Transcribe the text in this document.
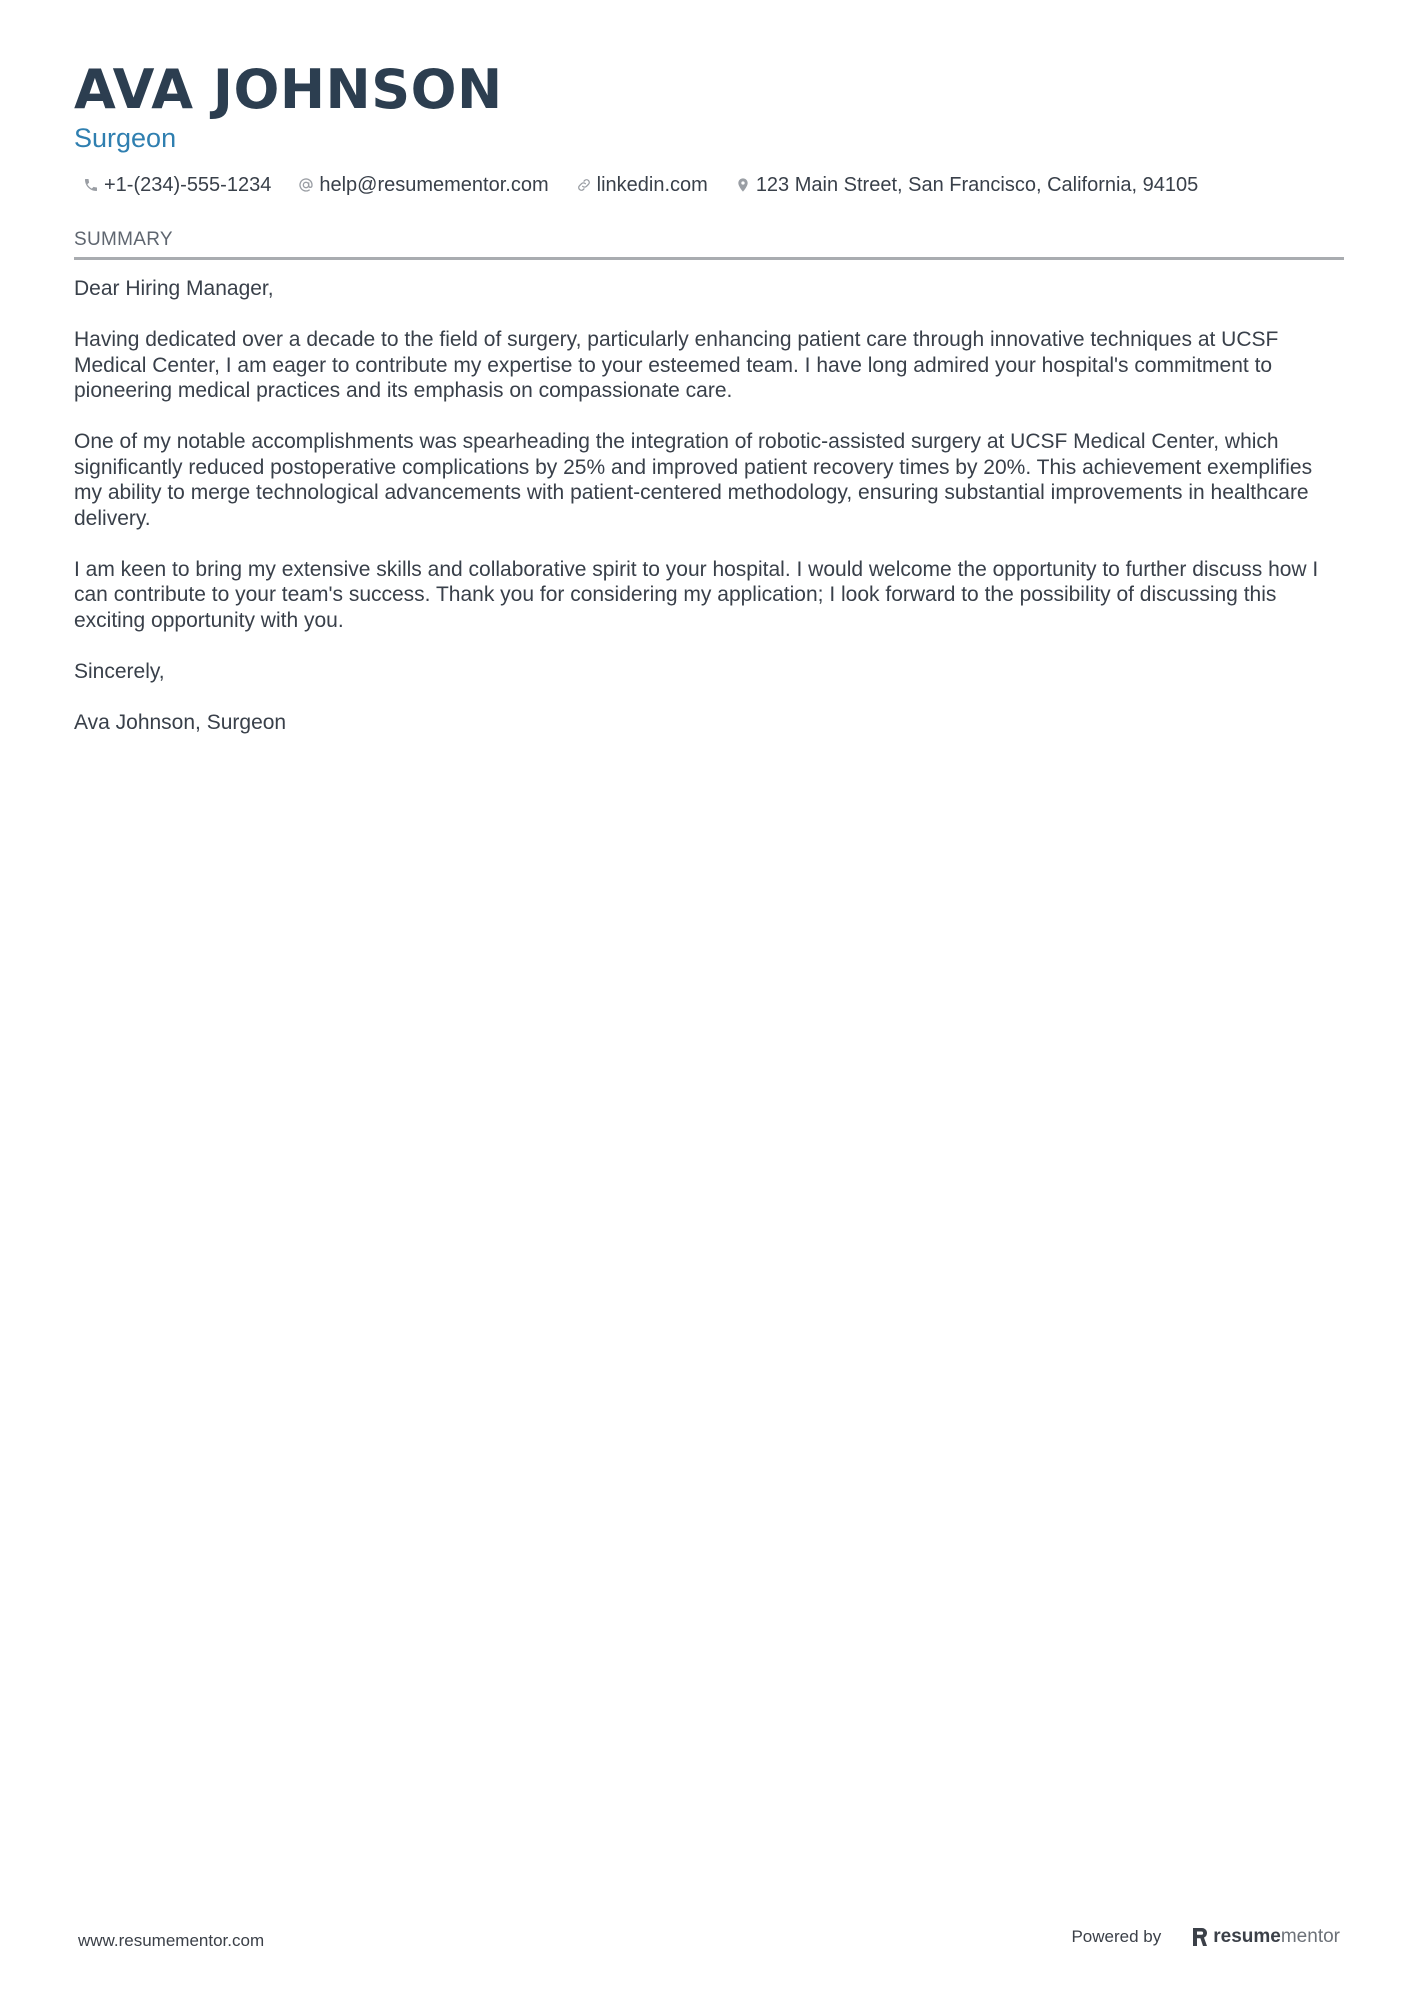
AVA JOHNSON
Surgeon
+1-(234)-555-1234 help@resumementor.com linkedin.com 123 Main Street, San Francisco, California, 94105
SUMMARY

Dear Hiring Manager,

Having dedicated over a decade to the field of surgery, particularly enhancing patient care through innovative techniques at UCSF Medical Center, I am eager to contribute my expertise to your esteemed team. I have long admired your hospital's commitment to pioneering medical practices and its emphasis on compassionate care.

One of my notable accomplishments was spearheading the integration of robotic-assisted surgery at UCSF Medical Center, which significantly reduced postoperative complications by 25% and improved patient recovery times by 20%. This achievement exemplifies my ability to merge technological advancements with patient-centered methodology, ensuring substantial improvements in healthcare delivery.

I am keen to bring my extensive skills and collaborative spirit to your hospital. I would welcome the opportunity to further discuss how I can contribute to your team's success. Thank you for considering my application; I look forward to the possibility of discussing this exciting opportunity with you.

Sincerely,

Ava Johnson, Surgeon

www.resumementor.com	Powered by	resume mentor
